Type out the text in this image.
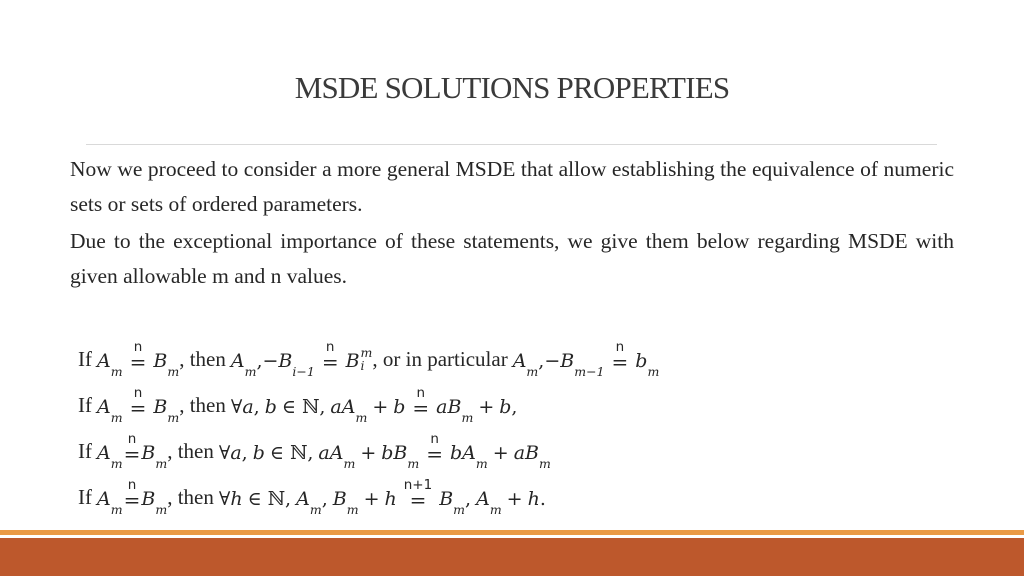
MSDE SOLUTIONS PROPERTIES

Now we proceed to consider a more general MSDE that allow establishing the equivalence of numeric sets or sets of ordered parameters.

Due to the exceptional importance of these statements, we give them below regarding MSDE with given allowable m and n values.

If A m
n
= B m
, then A m , − B i−1
n
= B m
i , or in particular A m , − B m−1
n
= b m
If A m
n
= B m
, then ∀ a , b ∈ ℕ , a A m + b
n
= a B m + b ,
If A m
n
= B m
, then ∀ a , b ∈ ℕ , a A m + b B m
n
= b A m + a B m
If A m
n
= B m
, then ∀ h ∈ ℕ , A m , B m + h
n+1
= B m , A m + h .
